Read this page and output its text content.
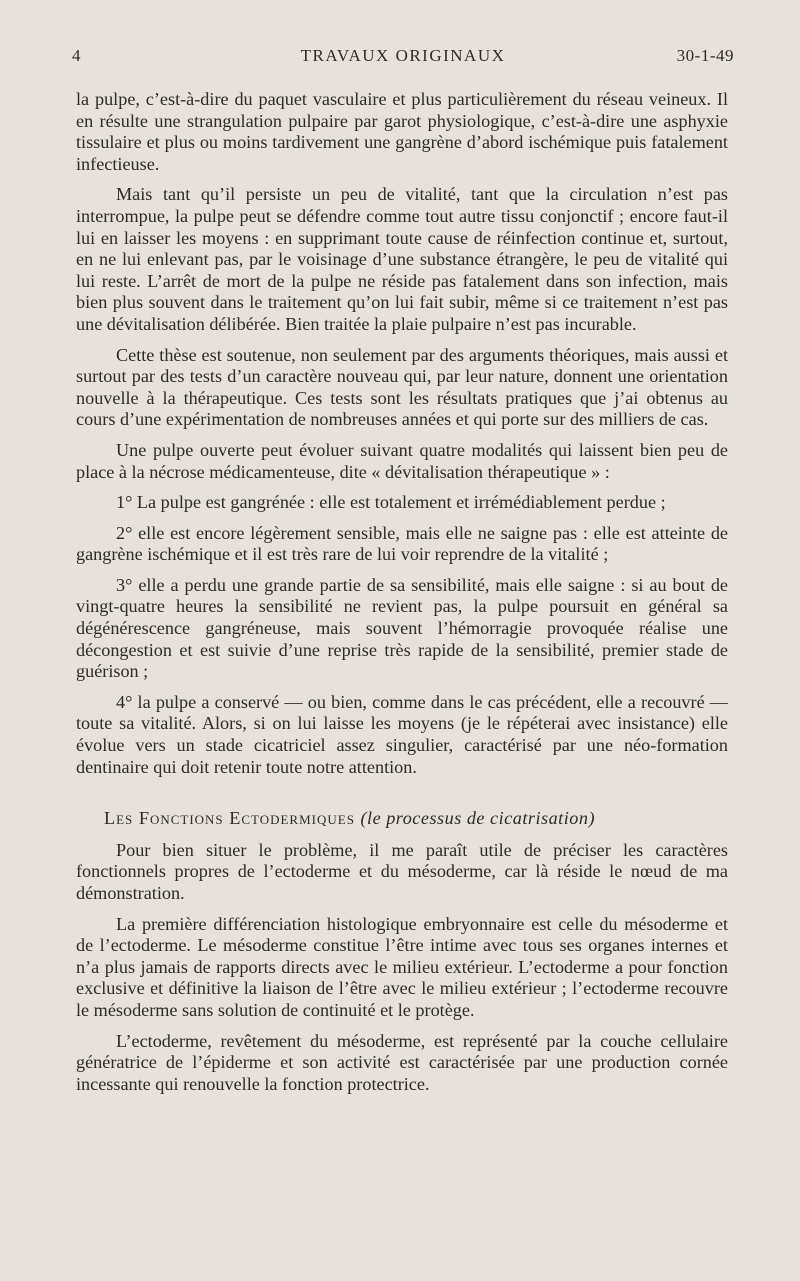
4	TRAVAUX ORIGINAUX	30-1-49

la pulpe, c’est-à-dire du paquet vasculaire et plus particulièrement du réseau veineux. Il en résulte une strangulation pulpaire par garot physiologique, c’est-à-dire une asphyxie tissulaire et plus ou moins tardivement une gangrène d’abord ischémique puis fatalement infectieuse.

Mais tant qu’il persiste un peu de vitalité, tant que la circulation n’est pas interrompue, la pulpe peut se défendre comme tout autre tissu conjonctif ; encore faut-il lui en laisser les moyens : en supprimant toute cause de réinfection continue et, surtout, en ne lui enlevant pas, par le voisinage d’une substance étrangère, le peu de vitalité qui lui reste. L’arrêt de mort de la pulpe ne réside pas fatalement dans son infection, mais bien plus souvent dans le traitement qu’on lui fait subir, même si ce traitement n’est pas une dévitalisation délibérée. Bien traitée la plaie pulpaire n’est pas incurable.

Cette thèse est soutenue, non seulement par des arguments théoriques, mais aussi et surtout par des tests d’un caractère nouveau qui, par leur nature, donnent une orientation nouvelle à la thérapeutique. Ces tests sont les résultats pratiques que j’ai obtenus au cours d’une expérimentation de nombreuses années et qui porte sur des milliers de cas.

Une pulpe ouverte peut évoluer suivant quatre modalités qui laissent bien peu de place à la nécrose médicamenteuse, dite « dévitalisation thérapeutique » :

1° La pulpe est gangrénée : elle est totalement et irrémédiablement perdue ;

2° elle est encore légèrement sensible, mais elle ne saigne pas : elle est atteinte de gangrène ischémique et il est très rare de lui voir reprendre de la vitalité ;

3° elle a perdu une grande partie de sa sensibilité, mais elle saigne : si au bout de vingt-quatre heures la sensibilité ne revient pas, la pulpe poursuit en général sa dégénérescence gangréneuse, mais souvent l’hémorragie provoquée réalise une décongestion et est suivie d’une reprise très rapide de la sensibilité, premier stade de guérison ;

4° la pulpe a conservé — ou bien, comme dans le cas précédent, elle a recouvré — toute sa vitalité. Alors, si on lui laisse les moyens (je le répéterai avec insistance) elle évolue vers un stade cicatriciel assez singulier, caractérisé par une néo-formation dentinaire qui doit retenir toute notre attention.

Les Fonctions Ectodermiques (le processus de cicatrisation)

Pour bien situer le problème, il me paraît utile de préciser les caractères fonctionnels propres de l’ectoderme et du mésoderme, car là réside le nœud de ma démonstration.

La première différenciation histologique embryonnaire est celle du mésoderme et de l’ectoderme. Le mésoderme constitue l’être intime avec tous ses organes internes et n’a plus jamais de rapports directs avec le milieu extérieur. L’ectoderme a pour fonction exclusive et définitive la liaison de l’être avec le milieu extérieur ; l’ectoderme recouvre le mésoderme sans solution de continuité et le protège.

L’ectoderme, revêtement du mésoderme, est représenté par la couche cellulaire génératrice de l’épiderme et son activité est caractérisée par une production cornée incessante qui renouvelle la fonction protectrice.
